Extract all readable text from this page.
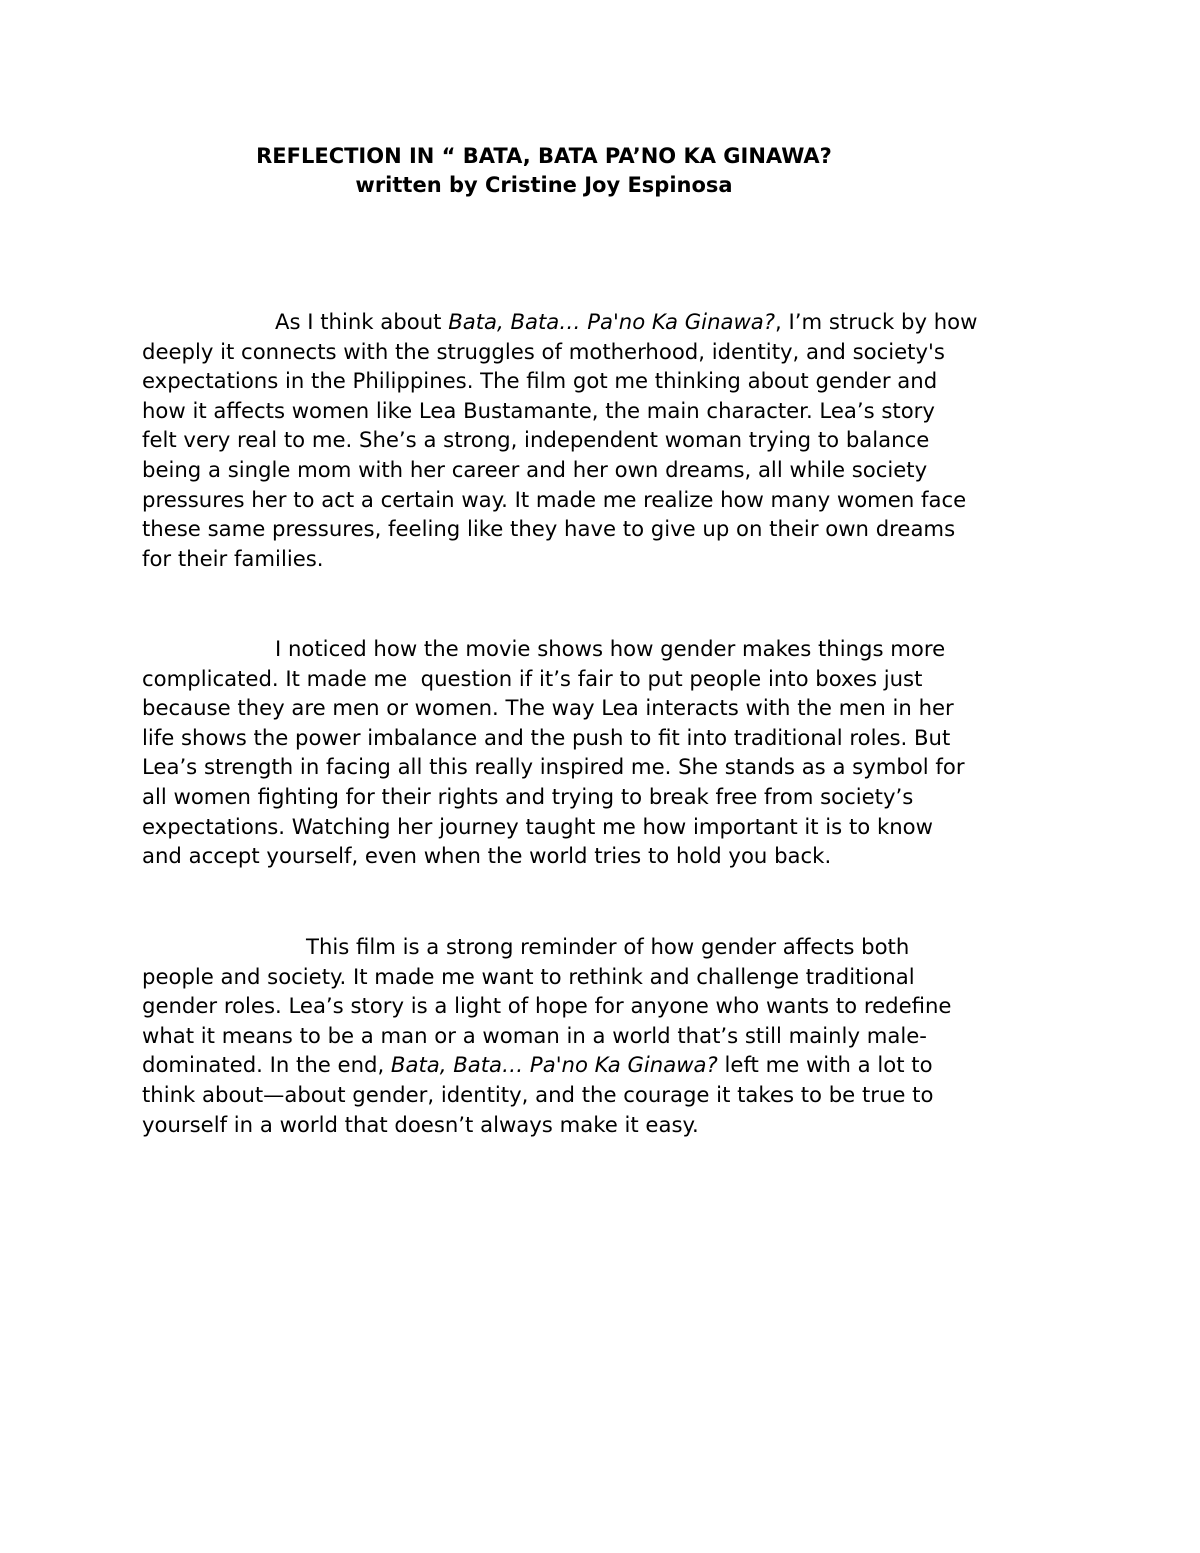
REFLECTION IN “ BATA, BATA PA’NO KA GINAWA?
written by Cristine Joy Espinosa
As I think about Bata, Bata… Pa'no Ka Ginawa?, I’m struck by how
deeply it connects with the struggles of motherhood, identity, and society's
expectations in the Philippines. The film got me thinking about gender and
how it affects women like Lea Bustamante, the main character. Lea’s story
felt very real to me. She’s a strong, independent woman trying to balance
being a single mom with her career and her own dreams, all while society
pressures her to act a certain way. It made me realize how many women face
these same pressures, feeling like they have to give up on their own dreams
for their families.
I noticed how the movie shows how gender makes things more
complicated. It made me  question if it’s fair to put people into boxes just
because they are men or women. The way Lea interacts with the men in her
life shows the power imbalance and the push to fit into traditional roles. But
Lea’s strength in facing all this really inspired me. She stands as a symbol for
all women fighting for their rights and trying to break free from society’s
expectations. Watching her journey taught me how important it is to know
and accept yourself, even when the world tries to hold you back.
This film is a strong reminder of how gender affects both
people and society. It made me want to rethink and challenge traditional
gender roles. Lea’s story is a light of hope for anyone who wants to redefine
what it means to be a man or a woman in a world that’s still mainly male-
dominated. In the end, Bata, Bata… Pa'no Ka Ginawa? left me with a lot to
think about—about gender, identity, and the courage it takes to be true to
yourself in a world that doesn’t always make it easy.
